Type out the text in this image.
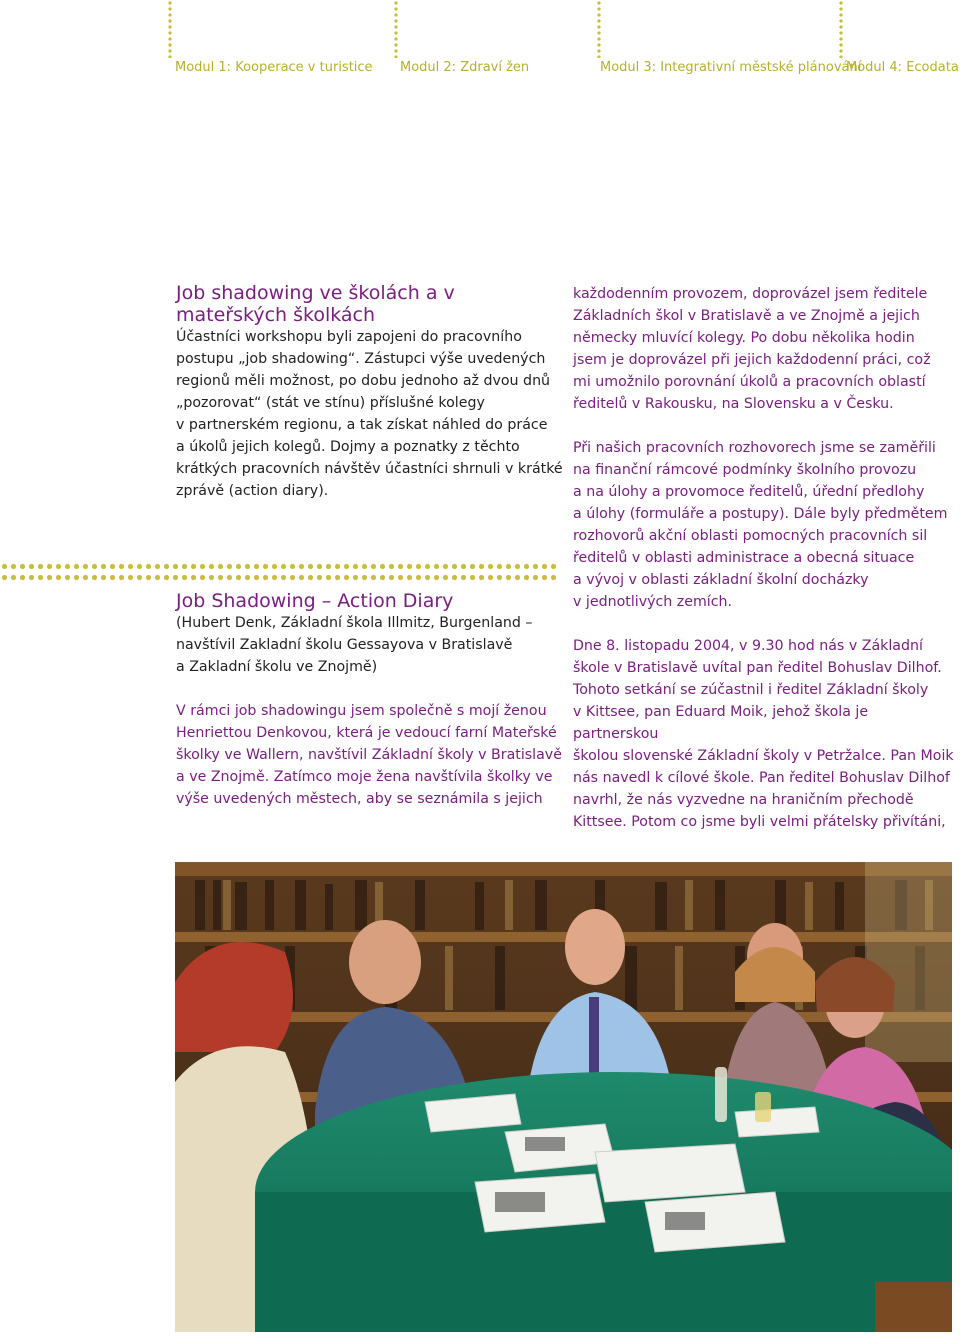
Modul 1: Kooperace v turistice Modul 2: Zdraví žen	Modul 3: Integrativní městské plánování
Modul 4: Ecodata
Job shadowing ve školách a v mateřských školkách

Účastníci workshopu byli zapojeni do pracovního

postupu „job shadowing“. Zástupci výše uvedených

regionů měli možnost, po dobu jednoho až dvou dnů

„pozorovat“ (stát ve stínu) příslušné kolegy

v partnerském regionu, a tak získat náhled do práce

a úkolů jejich kolegů. Dojmy a poznatky z těchto

krátkých pracovních návštěv účastníci shrnuli v krátké

zprávě (action diary).

Job Shadowing – Action Diary

(Hubert Denk, Základní škola Illmitz, Burgenland –

navštívil Zakladní školu Gessayova v Bratislavě

a Zakladní školu ve Znojmě)

V rámci job shadowingu jsem společně s mojí ženou

Henriettou Denkovou, která je vedoucí farní Mateřské

školky ve Wallern, navštívil Základní školy v Bratislavě

a ve Znojmě. Zatímco moje žena navštívila školky ve

výše uvedených městech, aby se seznámila s jejich

každodenním provozem, doprovázel jsem ředitele

Základních škol v Bratislavě a ve Znojmě a jejich

německy mluvící kolegy. Po dobu několika hodin

jsem je doprovázel při jejich každodenní práci, což

mi umožnilo porovnání úkolů a pracovních oblastí

ředitelů v Rakousku, na Slovensku a v Česku.

Při našich pracovních rozhovorech jsme se zaměřili

na finanční rámcové podmínky školního provozu

a na úlohy a provomoce ředitelů, úřední předlohy

a úlohy (formuláře a postupy). Dále byly předmětem

rozhovorů akční oblasti pomocných pracovních sil

ředitelů v oblasti administrace a obecná situace

a vývoj v oblasti základní školní docházky

v jednotlivých zemích.

Dne 8. listopadu 2004, v 9.30 hod nás v Základní

škole v Bratislavě uvítal pan ředitel Bohuslav Dilhof.

Tohoto setkání se zúčastnil i ředitel Základní školy

v Kittsee, pan Eduard Moik, jehož škola je partnerskou

školou slovenské Základní školy v Petržalce. Pan Moik

nás navedl k cílové škole. Pan ředitel Bohuslav Dilhof

navrhl, že nás vyzvedne na hraničním přechodě

Kittsee. Potom co jsme byli velmi přátelsky přivítáni,
